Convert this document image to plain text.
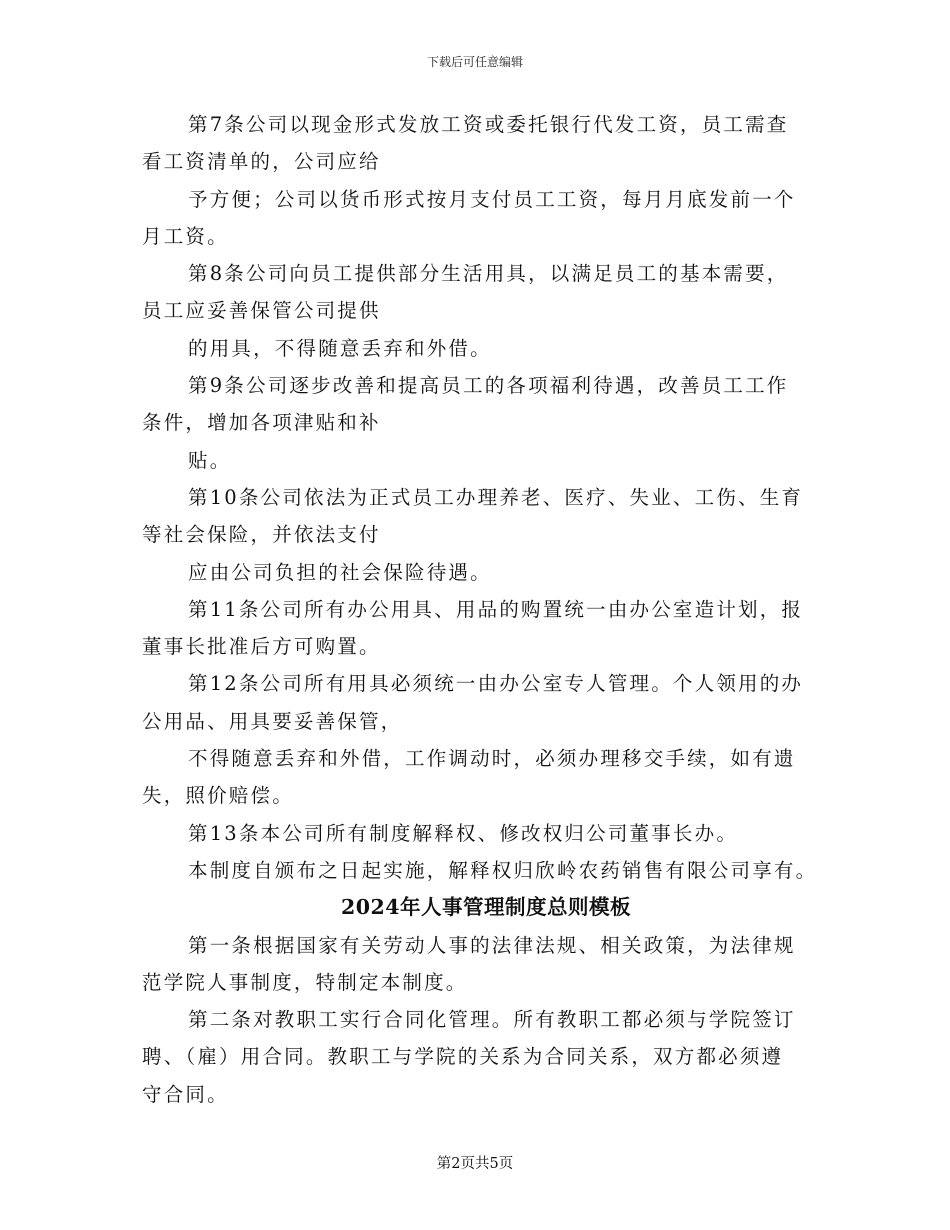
下载后可任意编辑
第7条公司以现金形式发放工资或委托银行代发工资，员工需查
看工资清单的，公司应给
予方便；公司以货币形式按月支付员工工资，每月月底发前一个
月工资。
第8条公司向员工提供部分生活用具，以满足员工的基本需要，
员工应妥善保管公司提供
的用具，不得随意丢弃和外借。
第9条公司逐步改善和提高员工的各项福利待遇，改善员工工作
条件，增加各项津贴和补
贴。
第10条公司依法为正式员工办理养老、医疗、失业、工伤、生育
等社会保险，并依法支付
应由公司负担的社会保险待遇。
第11条公司所有办公用具、用品的购置统一由办公室造计划，报
董事长批准后方可购置。
第12条公司所有用具必须统一由办公室专人管理。个人领用的办
公用品、用具要妥善保管，
不得随意丢弃和外借，工作调动时，必须办理移交手续，如有遗
失，照价赔偿。
第13条本公司所有制度解释权、修改权归公司董事长办。
本制度自颁布之日起实施，解释权归欣岭农药销售有限公司享有。
2024年人事管理制度总则模板
第一条根据国家有关劳动人事的法律法规、相关政策，为法律规
范学院人事制度，特制定本制度。
第二条对教职工实行合同化管理。所有教职工都必须与学院签订
聘、（雇）用合同。教职工与学院的关系为合同关系，双方都必须遵
守合同。
第2页共5页
